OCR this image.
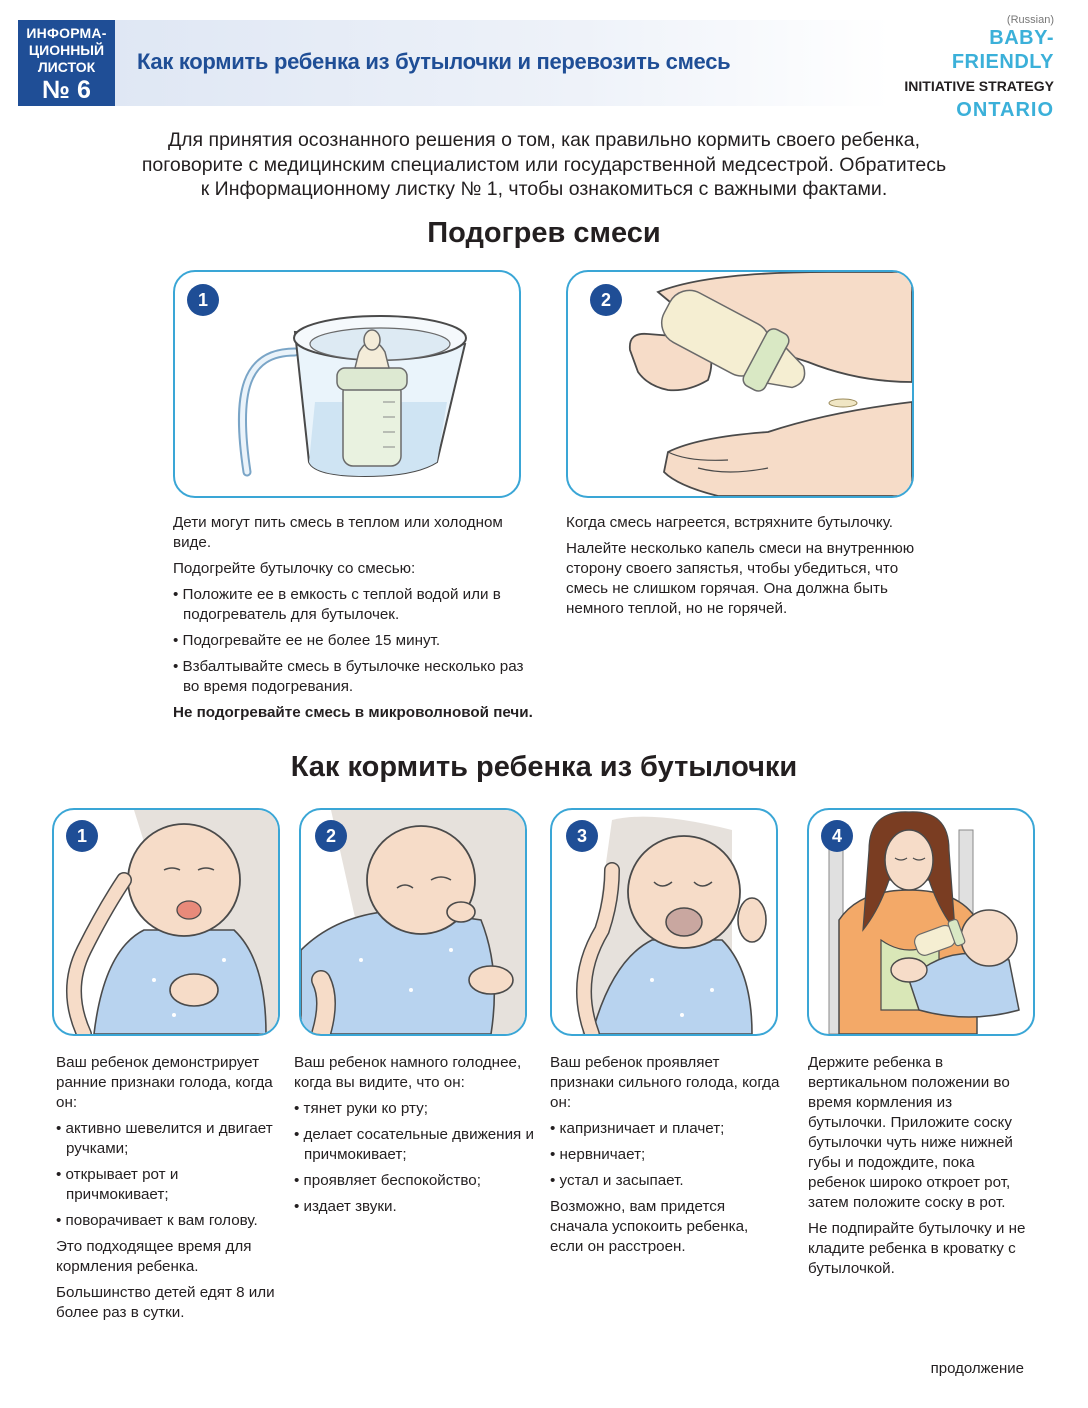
ИНФОРМА-
ЦИОННЫЙ
ЛИСТОК
№ 6
Как кормить ребенка из бутылочки и перевозить смесь
(Russian)
BABY-FRIENDLY
INITIATIVE STRATEGY
ONTARIO
Для принятия осознанного решения о том, как правильно кормить своего ребенка,
поговорите с медицинским специалистом или государственной медсестрой. Обратитесь
к Информационному листку № 1, чтобы ознакомиться с важными фактами.
Подогрев смеси
1	2

Дети могут пить смесь в теплом или холодном виде.

Подогрейте бутылочку со смесью:

• Положите ее в емкость с теплой водой или в подогреватель для бутылочек.
• Подогревайте ее не более 15 минут.
• Взбалтывайте смесь в бутылочке несколько раз во время подогревания.

Не подогревайте смесь в микроволновой печи.

Когда смесь нагреется, встряхните бутылочку.

Налейте несколько капель смеси на внутреннюю сторону своего запястья, чтобы убедиться, что смесь не слишком горячая. Она должна быть немного теплой, но не горячей.

Как кормить ребенка из бутылочки
1	2	3	4

Ваш ребенок демонстрирует ранние признаки голода, когда он:

• активно шевелится и двигает ручками;
• открывает рот и причмокивает;
• поворачивает к вам голову.

Это подходящее время для кормления ребенка.

Большинство детей едят 8 или более раз в сутки.

Ваш ребенок намного голоднее, когда вы видите, что он:

• тянет руки ко рту;
• делает сосательные движения и причмокивает;
• проявляет беспокойство;
• издает звуки.

Ваш ребенок проявляет признаки сильного голода, когда он:

• капризничает и плачет;
• нервничает;
• устал и засыпает.

Возможно, вам придется сначала успокоить ребенка, если он расстроен.

Держите ребенка в вертикальном положении во время кормления из бутылочки. Приложите соску бутылочки чуть ниже нижней губы и подождите, пока ребенок широко откроет рот, затем положите соску в рот.

Не подпирайте бутылочку и не кладите ребенка в кроватку с бутылочкой.

продолжение
